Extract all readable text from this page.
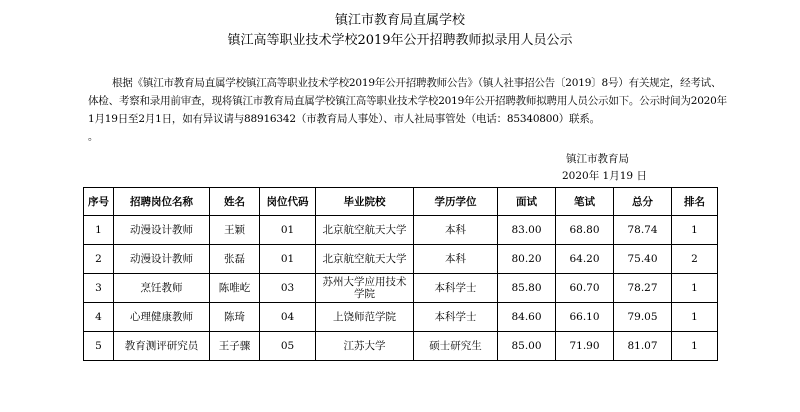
镇江市教育局直属学校
镇江高等职业技术学校2019年公开招聘教师拟录用人员公示
根据《镇江市教育局直属学校镇江高等职业技术学校2019年公开招聘教师公告》（镇人社事招公告〔2019〕8号）有关规定，经考试、体检、考察和录用前审查，现将镇江市教育局直属学校镇江高等职业技术学校2019年公开招聘教师拟聘用人员公示如下。公示时间为2020年 1月19日至2月1日，如有异议请与88916342（市教育局人事处）、市人社局事管处（电话：85340800）联系。
。
镇江市教育局
2020年 1月19 日
序号	招聘岗位名称	姓名	岗位代码	毕业院校	学历学位	面试	笔试	总分	排名
1	动漫设计教师	王颖	01	北京航空航天大学	本科	83.00	68.80	78.74	1
2	动漫设计教师	张磊	01	北京航空航天大学	本科	80.20	64.20	75.40	2
3	烹饪教师	陈唯屹	03	苏州大学应用技术学院	本科学士	85.80	60.70	78.27	1
4	心理健康教师	陈琦	04	上饶师范学院	本科学士	84.60	66.10	79.05	1
5	教育测评研究员	王子骤	05	江苏大学	硕士研究生	85.00	71.90	81.07	1
